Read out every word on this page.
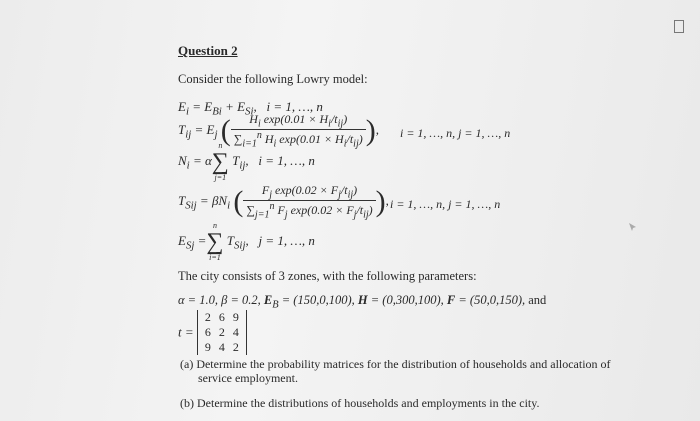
Question 2
Consider the following Lowry model:
$E_i = E_{Bi} + E_{Si}$,   i = 1, …, n
$T_{ij} = E_j$ ( $\frac{H_i \exp(0.01 \times H_i/t_{ij})}{\sum_{i=1}^n H_i \exp(0.01 \times H_i/t_{ij})}$ ), i = 1, …, n, j = 1, …, n
$N_i = \alpha$
n
∑
j=1
$T_{ij}$,   i = 1, …, n
$T_{Sij} = \beta N_i$ ( $\frac{F_j \exp(0.02 \times F_j/t_{ij})}{\sum_{j=1}^n F_j \exp(0.02 \times F_j/t_{ij})}$ ), i = 1, …, n, j = 1, …, n
$E_{Sj}$ =
n
∑
i=1
$T_{Sij}$,   j = 1, …, n
The city consists of 3 zones, with the following parameters:
α = 1.0, β = 0.2, $E_B = (150,0,100)$, H = (0,300,100), F = (50,0,150), and
t =
2 6 9
6 2 4
9 4 2
(a) Determine the probability matrices for the distribution of households and allocation of
service employment.
(b) Determine the distributions of households and employments in the city.
